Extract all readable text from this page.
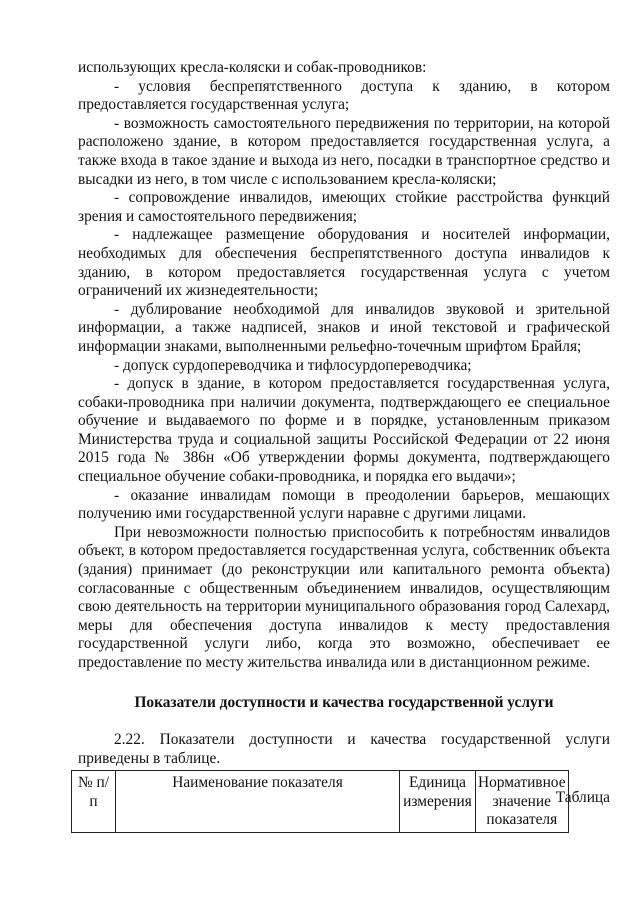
использующих кресла-коляски и собак-проводников:

- условия беспрепятственного доступа к зданию, в котором предоставляется государственная услуга;

- возможность самостоятельного передвижения по территории, на которой расположено здание, в котором предоставляется государственная услуга, а также входа в такое здание и выхода из него, посадки в транспортное средство и высадки из него, в том числе с использованием кресла-коляски;

- сопровождение инвалидов, имеющих стойкие расстройства функций зрения и самостоятельного передвижения;

- надлежащее размещение оборудования и носителей информации, необходимых для обеспечения беспрепятственного доступа инвалидов к зданию, в котором предоставляется государственная услуга с учетом ограничений их жизнедеятельности;

- дублирование необходимой для инвалидов звуковой и зрительной информации, а также надписей, знаков и иной текстовой и графической информации знаками, выполненными рельефно-точечным шрифтом Брайля;

- допуск сурдопереводчика и тифлосурдопереводчика;

- допуск в здание, в котором предоставляется государственная услуга, собаки-проводника при наличии документа, подтверждающего ее специальное обучение и выдаваемого по форме и в порядке, установленным приказом Министерства труда и социальной защиты Российской Федерации от 22 июня 2015 года № 386н «Об утверждении формы документа, подтверждающего специальное обучение собаки-проводника, и порядка его выдачи»;

- оказание инвалидам помощи в преодолении барьеров, мешающих получению ими государственной услуги наравне с другими лицами.

При невозможности полностью приспособить к потребностям инвалидов объект, в котором предоставляется государственная услуга, собственник объекта (здания) принимает (до реконструкции или капитального ремонта объекта) согласованные с общественным объединением инвалидов, осуществляющим свою деятельность на территории муниципального образования город Салехард, меры для обеспечения доступа инвалидов к месту предоставления государственной услуги либо, когда это возможно, обеспечивает ее предоставление по месту жительства инвалида или в дистанционном режиме.

Показатели доступности и качества государственной услуги

2.22. Показатели доступности и качества государственной услуги приведены в таблице.

Таблица

№ п/п	Наименование показателя	Единица измерения	Нормативное значение показателя
